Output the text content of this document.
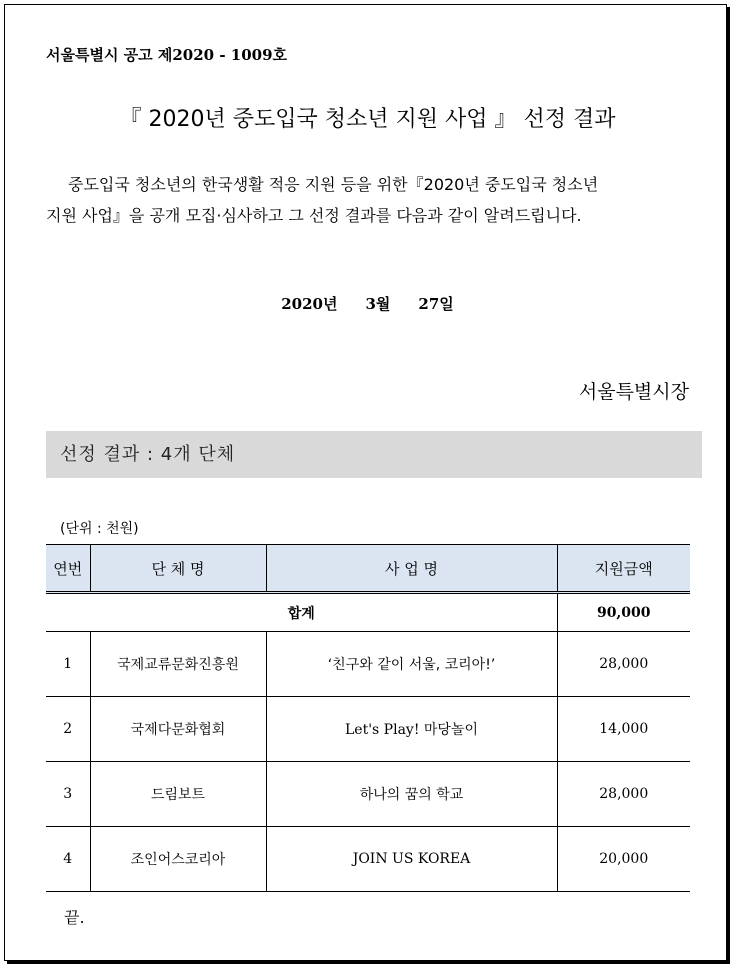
서울특별시 공고 제2020 - 1009호
『 2020년 중도입국 청소년 지원 사업 』 선정 결과
중도입국 청소년의 한국생활 적응 지원 등을 위한『2020년 중도입국 청소년
지원 사업』을 공개 모집·심사하고 그 선정 결과를 다음과 같이 알려드립니다.
2020년 3월 27일
서울특별시장
선정 결과 : 4개 단체
(단위 : 천원)
연번	단 체 명	사 업 명	지원금액
합계			90,000
1	국제교류문화진흥원	‘친구와 같이 서울, 코리아!’	28,000
2	국제다문화협회	Let's Play! 마당놀이	14,000
3	드림보트	하나의 꿈의 학교	28,000
4	조인어스코리아	JOIN US KOREA	20,000
끝.
